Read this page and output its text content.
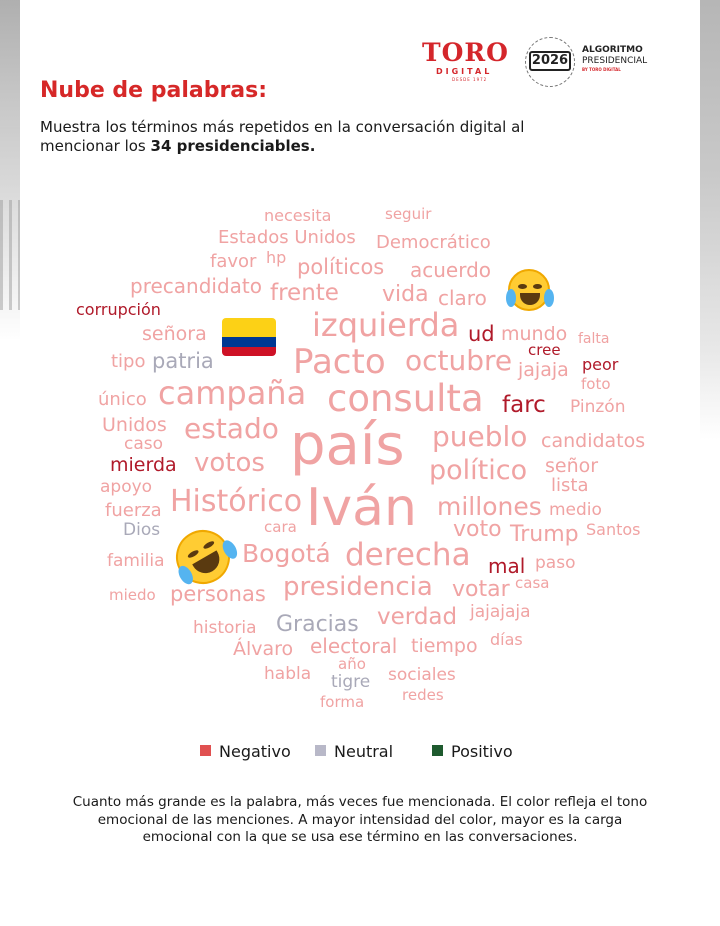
TORO
DIGITAL
DESDE 1972
2026
ALGORITMO
PRESIDENCIAL
BY TORO DIGITAL
Nube de palabras:

Muestra los términos más repetidos en la conversación digital al mencionar los 34 presidenciables.

necesita	seguir
Estados Unidos Democrático
favor hp políticos acuerdo
precandidato frente vida claro
corrupción	izquierda
señora	ud mundo falta
cree
tipo patria Pacto octubre jajaja peor
foto
único campaña consulta farc Pinzón
Unidos estado
caso país pueblo candidatos
mierda votos	político señor
apoyo	lista
fuerza Histórico Iván millones medio
Dios	cara	voto Trump Santos
familia	Bogotá derecha mal paso
miedo personas presidencia votar casa
historia Gracias verdad jajajaja
Álvaro electoral tiempo días
año
habla tigre sociales
forma	redes
Negativo	Neutral	Positivo

Cuanto más grande es la palabra, más veces fue mencionada. El color refleja el tono emocional de las menciones. A mayor intensidad del color, mayor es la carga emocional con la que se usa ese término en las conversaciones.
